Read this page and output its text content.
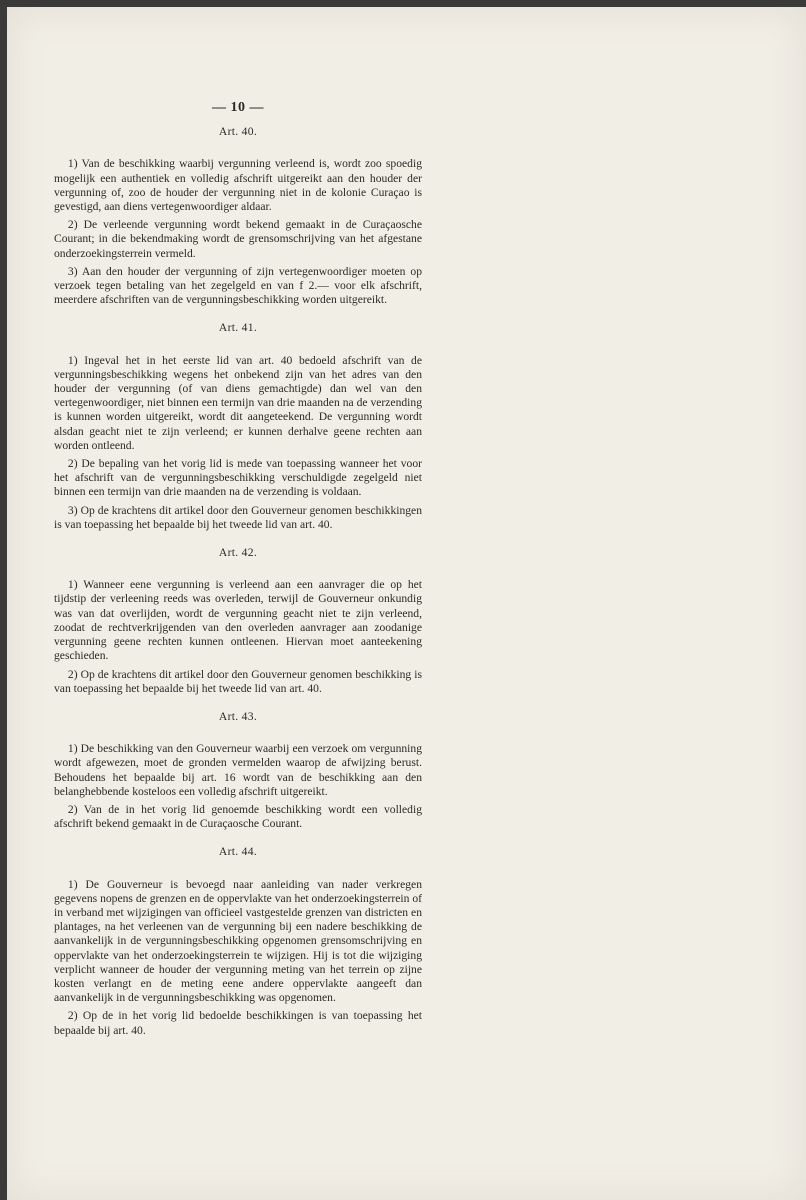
— 10 —
Art. 40.

1) Van de beschikking waarbij vergunning verleend is, wordt zoo spoedig mogelijk een authentiek en volledig afschrift uitgereikt aan den houder der vergunning of, zoo de houder der vergunning niet in de kolonie Curaçao is gevestigd, aan diens vertegenwoordiger aldaar.

2) De verleende vergunning wordt bekend gemaakt in de Curaçaosche Courant; in die bekendmaking wordt de grensomschrijving van het afgestane onderzoekingsterrein vermeld.

3) Aan den houder der vergunning of zijn vertegenwoordiger moeten op verzoek tegen betaling van het zegelgeld en van f 2.— voor elk afschrift, meerdere afschriften van de vergunningsbeschikking worden uitgereikt.

Art. 41.

1) Ingeval het in het eerste lid van art. 40 bedoeld afschrift van de vergunningsbeschikking wegens het onbekend zijn van het adres van den houder der vergunning (of van diens gemachtigde) dan wel van den vertegenwoordiger, niet binnen een termijn van drie maanden na de verzending is kunnen worden uitgereikt, wordt dit aangeteekend. De vergunning wordt alsdan geacht niet te zijn verleend; er kunnen derhalve geene rechten aan worden ontleend.

2) De bepaling van het vorig lid is mede van toepassing wanneer het voor het afschrift van de vergunningsbeschikking verschuldigde zegelgeld niet binnen een termijn van drie maanden na de verzending is voldaan.

3) Op de krachtens dit artikel door den Gouverneur genomen beschikkingen is van toepassing het bepaalde bij het tweede lid van art. 40.

Art. 42.

1) Wanneer eene vergunning is verleend aan een aanvrager die op het tijdstip der verleening reeds was overleden, terwijl de Gouverneur onkundig was van dat overlijden, wordt de vergunning geacht niet te zijn verleend, zoodat de rechtverkrijgenden van den overleden aanvrager aan zoodanige vergunning geene rechten kunnen ontleenen. Hiervan moet aanteekening geschieden.

2) Op de krachtens dit artikel door den Gouverneur genomen beschikking is van toepassing het bepaalde bij het tweede lid van art. 40.

Art. 43.

1) De beschikking van den Gouverneur waarbij een verzoek om vergunning wordt afgewezen, moet de gronden vermelden waarop de afwijzing berust. Behoudens het bepaalde bij art. 16 wordt van de beschikking aan den belanghebbende kosteloos een volledig afschrift uitgereikt.

2) Van de in het vorig lid genoemde beschikking wordt een volledig afschrift bekend gemaakt in de Curaçaosche Courant.

Art. 44.

1) De Gouverneur is bevoegd naar aanleiding van nader verkregen gegevens nopens de grenzen en de oppervlakte van het onderzoekingsterrein of in verband met wijzigingen van officieel vastgestelde grenzen van districten en plantages, na het verleenen van de vergunning bij een nadere beschikking de aanvankelijk in de vergunningsbeschikking opgenomen grensomschrijving en oppervlakte van het onderzoekingsterrein te wijzigen. Hij is tot die wijziging verplicht wanneer de houder der vergunning meting van het terrein op zijne kosten verlangt en de meting eene andere oppervlakte aangeeft dan aanvankelijk in de vergunningsbeschikking was opgenomen.

2) Op de in het vorig lid bedoelde beschikkingen is van toepassing het bepaalde bij art. 40.
